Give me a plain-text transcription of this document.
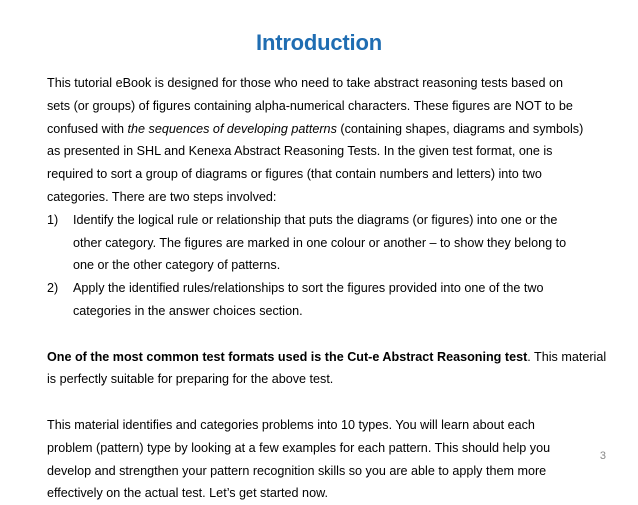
Introduction
This tutorial eBook is designed for those who need to take abstract reasoning tests based on
sets (or groups) of figures containing alpha-numerical characters. These figures are NOT to be
confused with the sequences of developing patterns (containing shapes, diagrams and symbols)
as presented in SHL and Kenexa Abstract Reasoning Tests. In the given test format, one is
required to sort a group of diagrams or figures (that contain numbers and letters) into two
categories. There are two steps involved:
1) Identify the logical rule or relationship that puts the diagrams (or figures) into one or the
other category. The figures are marked in one colour or another – to show they belong to
one or the other category of patterns.
2) Apply the identified rules/relationships to sort the figures provided into one of the two
categories in the answer choices section.
One of the most common test formats used is the Cut-e Abstract Reasoning test. This material
is perfectly suitable for preparing for the above test.
This material identifies and categories problems into 10 types. You will learn about each
problem (pattern) type by looking at a few examples for each pattern. This should help you
develop and strengthen your pattern recognition skills so you are able to apply them more
effectively on the actual test. Let’s get started now.
3
